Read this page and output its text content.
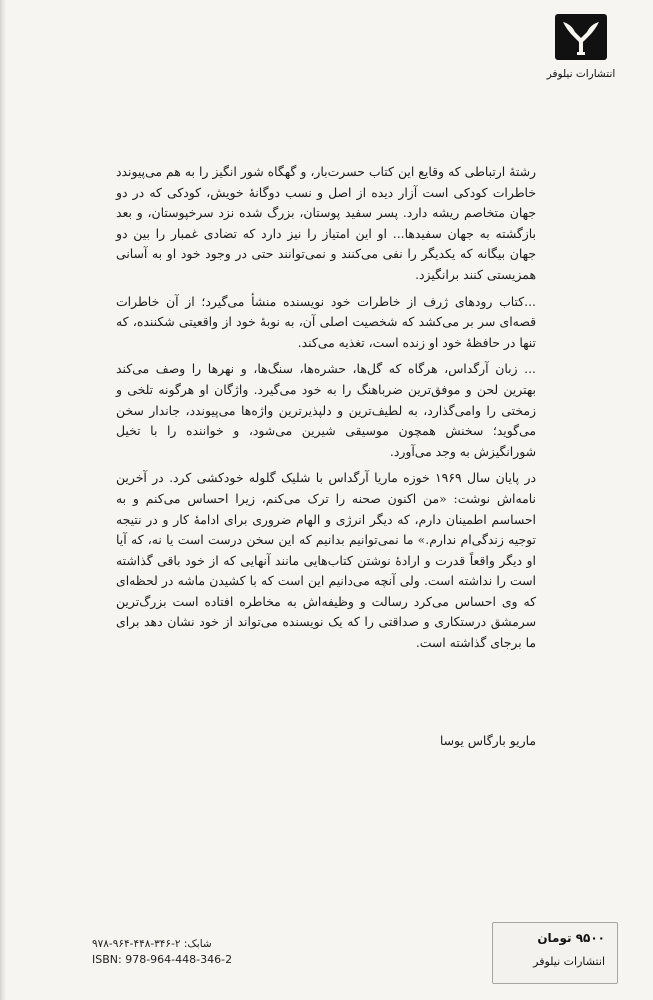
انتشارات نیلوفر

رشتهٔ ارتباطی که وقایع این کتاب حسرت‌بار، و گهگاه شور انگیز را به هم می‌پیوندد خاطرات کودکی است آزار دیده از اصل و نسب دوگانهٔ خویش، کودکی که در دو جهان متخاصم ریشه دارد. پسر سفید پوستان، بزرگ شده نزد سرخپوستان، و بعد بازگشته به جهان سفیدها... او این امتیاز را نیز دارد که تضادی غمبار را بین دو جهان بیگانه که یکدیگر را نفی می‌کنند و نمی‌توانند حتی در وجود خود او به آسانی همزیستی کنند برانگیزد.

...کتاب رودهای ژرف از خاطرات خود نویسنده منشأ می‌گیرد؛ از آن خاطرات قصه‌ای سر بر می‌کشد که شخصیت اصلی آن، به نوبهٔ خود از واقعیتی شکننده، که تنها در حافظهٔ خود او زنده است، تغذیه می‌کند.

... زبان آرگداس، هرگاه که گل‌ها، حشره‌ها، سنگ‌ها، و نهرها را وصف می‌کند بهترین لحن و موفق‌ترین ضرباهنگ را به خود می‌گیرد. واژگان او هرگونه تلخی و زمختی را وامی‌گذارد، به لطیف‌ترین و دلپذیرترین واژه‌ها می‌پیوندد، جاندار سخن می‌گوید؛ سخنش همچون موسیقی شیرین می‌شود، و خواننده را با تخیل شورانگیزش به وجد می‌آورد.

در پایان سال ۱۹۶۹ خوزه ماریا آرگداس با شلیک گلوله خودکشی کرد. در آخرین نامه‌اش نوشت: «من اکنون صحنه را ترک می‌کنم، زیرا احساس می‌کنم و به احساسم اطمینان دارم، که دیگر انرژی و الهام ضروری برای ادامهٔ کار و در نتیجه توجیه زندگی‌ام ندارم.» ما نمی‌توانیم بدانیم که این سخن درست است یا نه، که آیا او دیگر واقعاً قدرت و ارادهٔ نوشتن کتاب‌هایی مانند آنهایی که از خود باقی گذاشته است را نداشته است. ولی آنچه می‌دانیم این است که با کشیدن ماشه در لحظه‌ای که وی احساس می‌کرد رسالت و وظیفه‌اش به مخاطره افتاده است بزرگ‌ترین سرمشق درستکاری و صداقتی را که یک نویسنده می‌تواند از خود نشان دهد برای ما برجای گذاشته است.

ماریو بارگاس یوسا
شابک: ۲-۳۴۶-۴۴۸-۹۶۴-۹۷۸
ISBN: 978-964-448-346-2
۹۵۰۰ تومان
انتشارات نیلوفر
